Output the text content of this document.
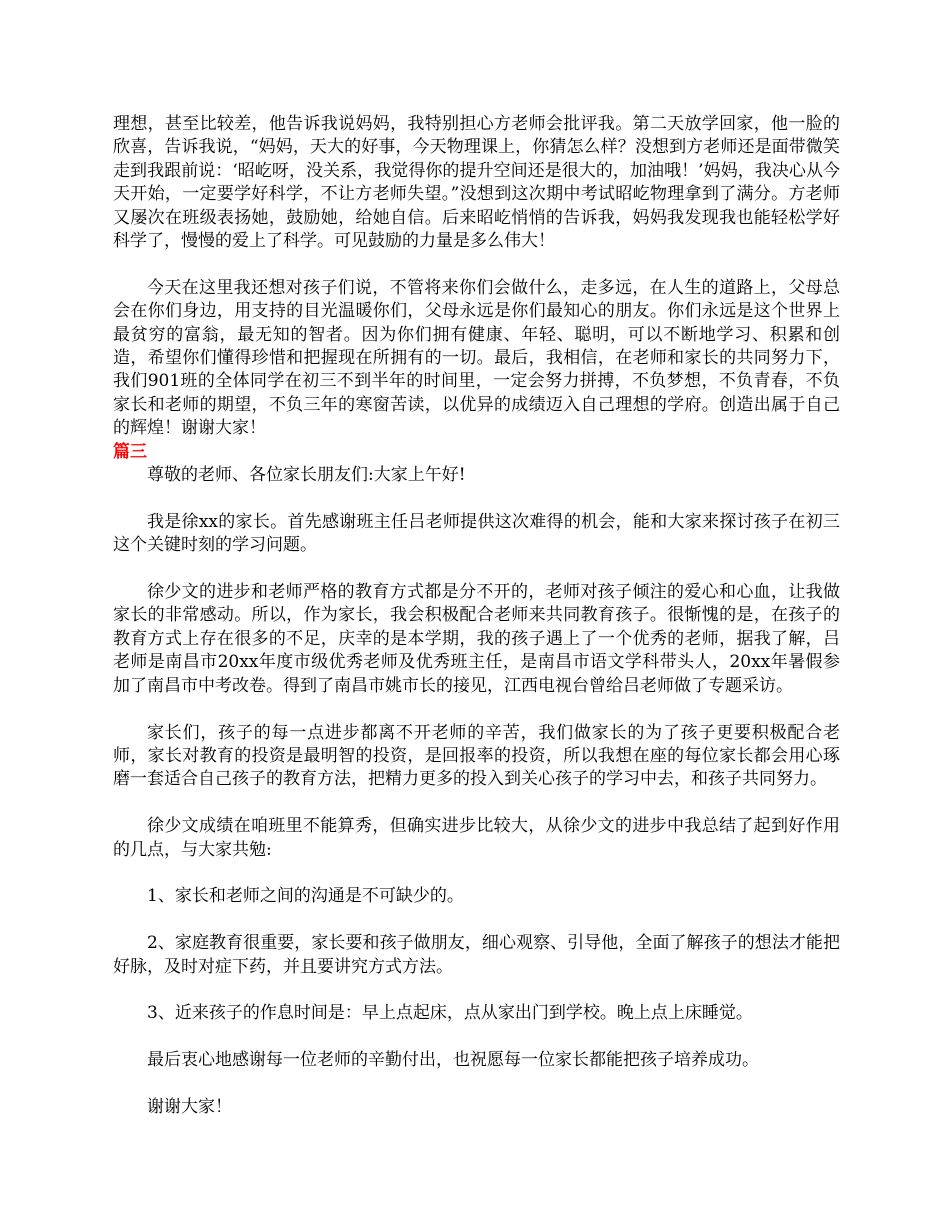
理想，甚至比较差，他告诉我说妈妈，我特别担心方老师会批评我。第二天放学回家，他一脸的欣喜，告诉我说，“妈妈，天大的好事，今天物理课上，你猜怎么样？没想到方老师还是面带微笑走到我跟前说：‘昭屹呀，没关系，我觉得你的提升空间还是很大的，加油哦！’妈妈，我决心从今天开始，一定要学好科学，不让方老师失望。”没想到这次期中考试昭屹物理拿到了满分。方老师又屡次在班级表扬她，鼓励她，给她自信。后来昭屹悄悄的告诉我，妈妈我发现我也能轻松学好科学了，慢慢的爱上了科学。可见鼓励的力量是多么伟大！

今天在这里我还想对孩子们说，不管将来你们会做什么，走多远，在人生的道路上，父母总会在你们身边，用支持的目光温暖你们，父母永远是你们最知心的朋友。你们永远是这个世界上最贫穷的富翁，最无知的智者。因为你们拥有健康、年轻、聪明，可以不断地学习、积累和创造，希望你们懂得珍惜和把握现在所拥有的一切。最后，我相信，在老师和家长的共同努力下，我们901班的全体同学在初三不到半年的时间里，一定会努力拼搏，不负梦想，不负青春，不负家长和老师的期望，不负三年的寒窗苦读，以优异的成绩迈入自己理想的学府。创造出属于自己的辉煌！谢谢大家！

篇三

尊敬的老师、各位家长朋友们:大家上午好!

我是徐xx的家长。首先感谢班主任吕老师提供这次难得的机会，能和大家来探讨孩子在初三这个关键时刻的学习问题。

徐少文的进步和老师严格的教育方式都是分不开的，老师对孩子倾注的爱心和心血，让我做家长的非常感动。所以，作为家长，我会积极配合老师来共同教育孩子。很惭愧的是，在孩子的教育方式上存在很多的不足，庆幸的是本学期，我的孩子遇上了一个优秀的老师，据我了解，吕老师是南昌市20xx年度市级优秀老师及优秀班主任，是南昌市语文学科带头人，20xx年暑假参加了南昌市中考改卷。得到了南昌市姚市长的接见，江西电视台曾给吕老师做了专题采访。

家长们，孩子的每一点进步都离不开老师的辛苦，我们做家长的为了孩子更要积极配合老师，家长对教育的投资是最明智的投资，是回报率的投资，所以我想在座的每位家长都会用心琢磨一套适合自己孩子的教育方法，把精力更多的投入到关心孩子的学习中去，和孩子共同努力。

徐少文成绩在咱班里不能算秀，但确实进步比较大，从徐少文的进步中我总结了起到好作用的几点，与大家共勉:

1、家长和老师之间的沟通是不可缺少的。

2、家庭教育很重要，家长要和孩子做朋友，细心观察、引导他，全面了解孩子的想法才能把好脉，及时对症下药，并且要讲究方式方法。

3、近来孩子的作息时间是：早上点起床，点从家出门到学校。晚上点上床睡觉。

最后衷心地感谢每一位老师的辛勤付出，也祝愿每一位家长都能把孩子培养成功。

谢谢大家！
